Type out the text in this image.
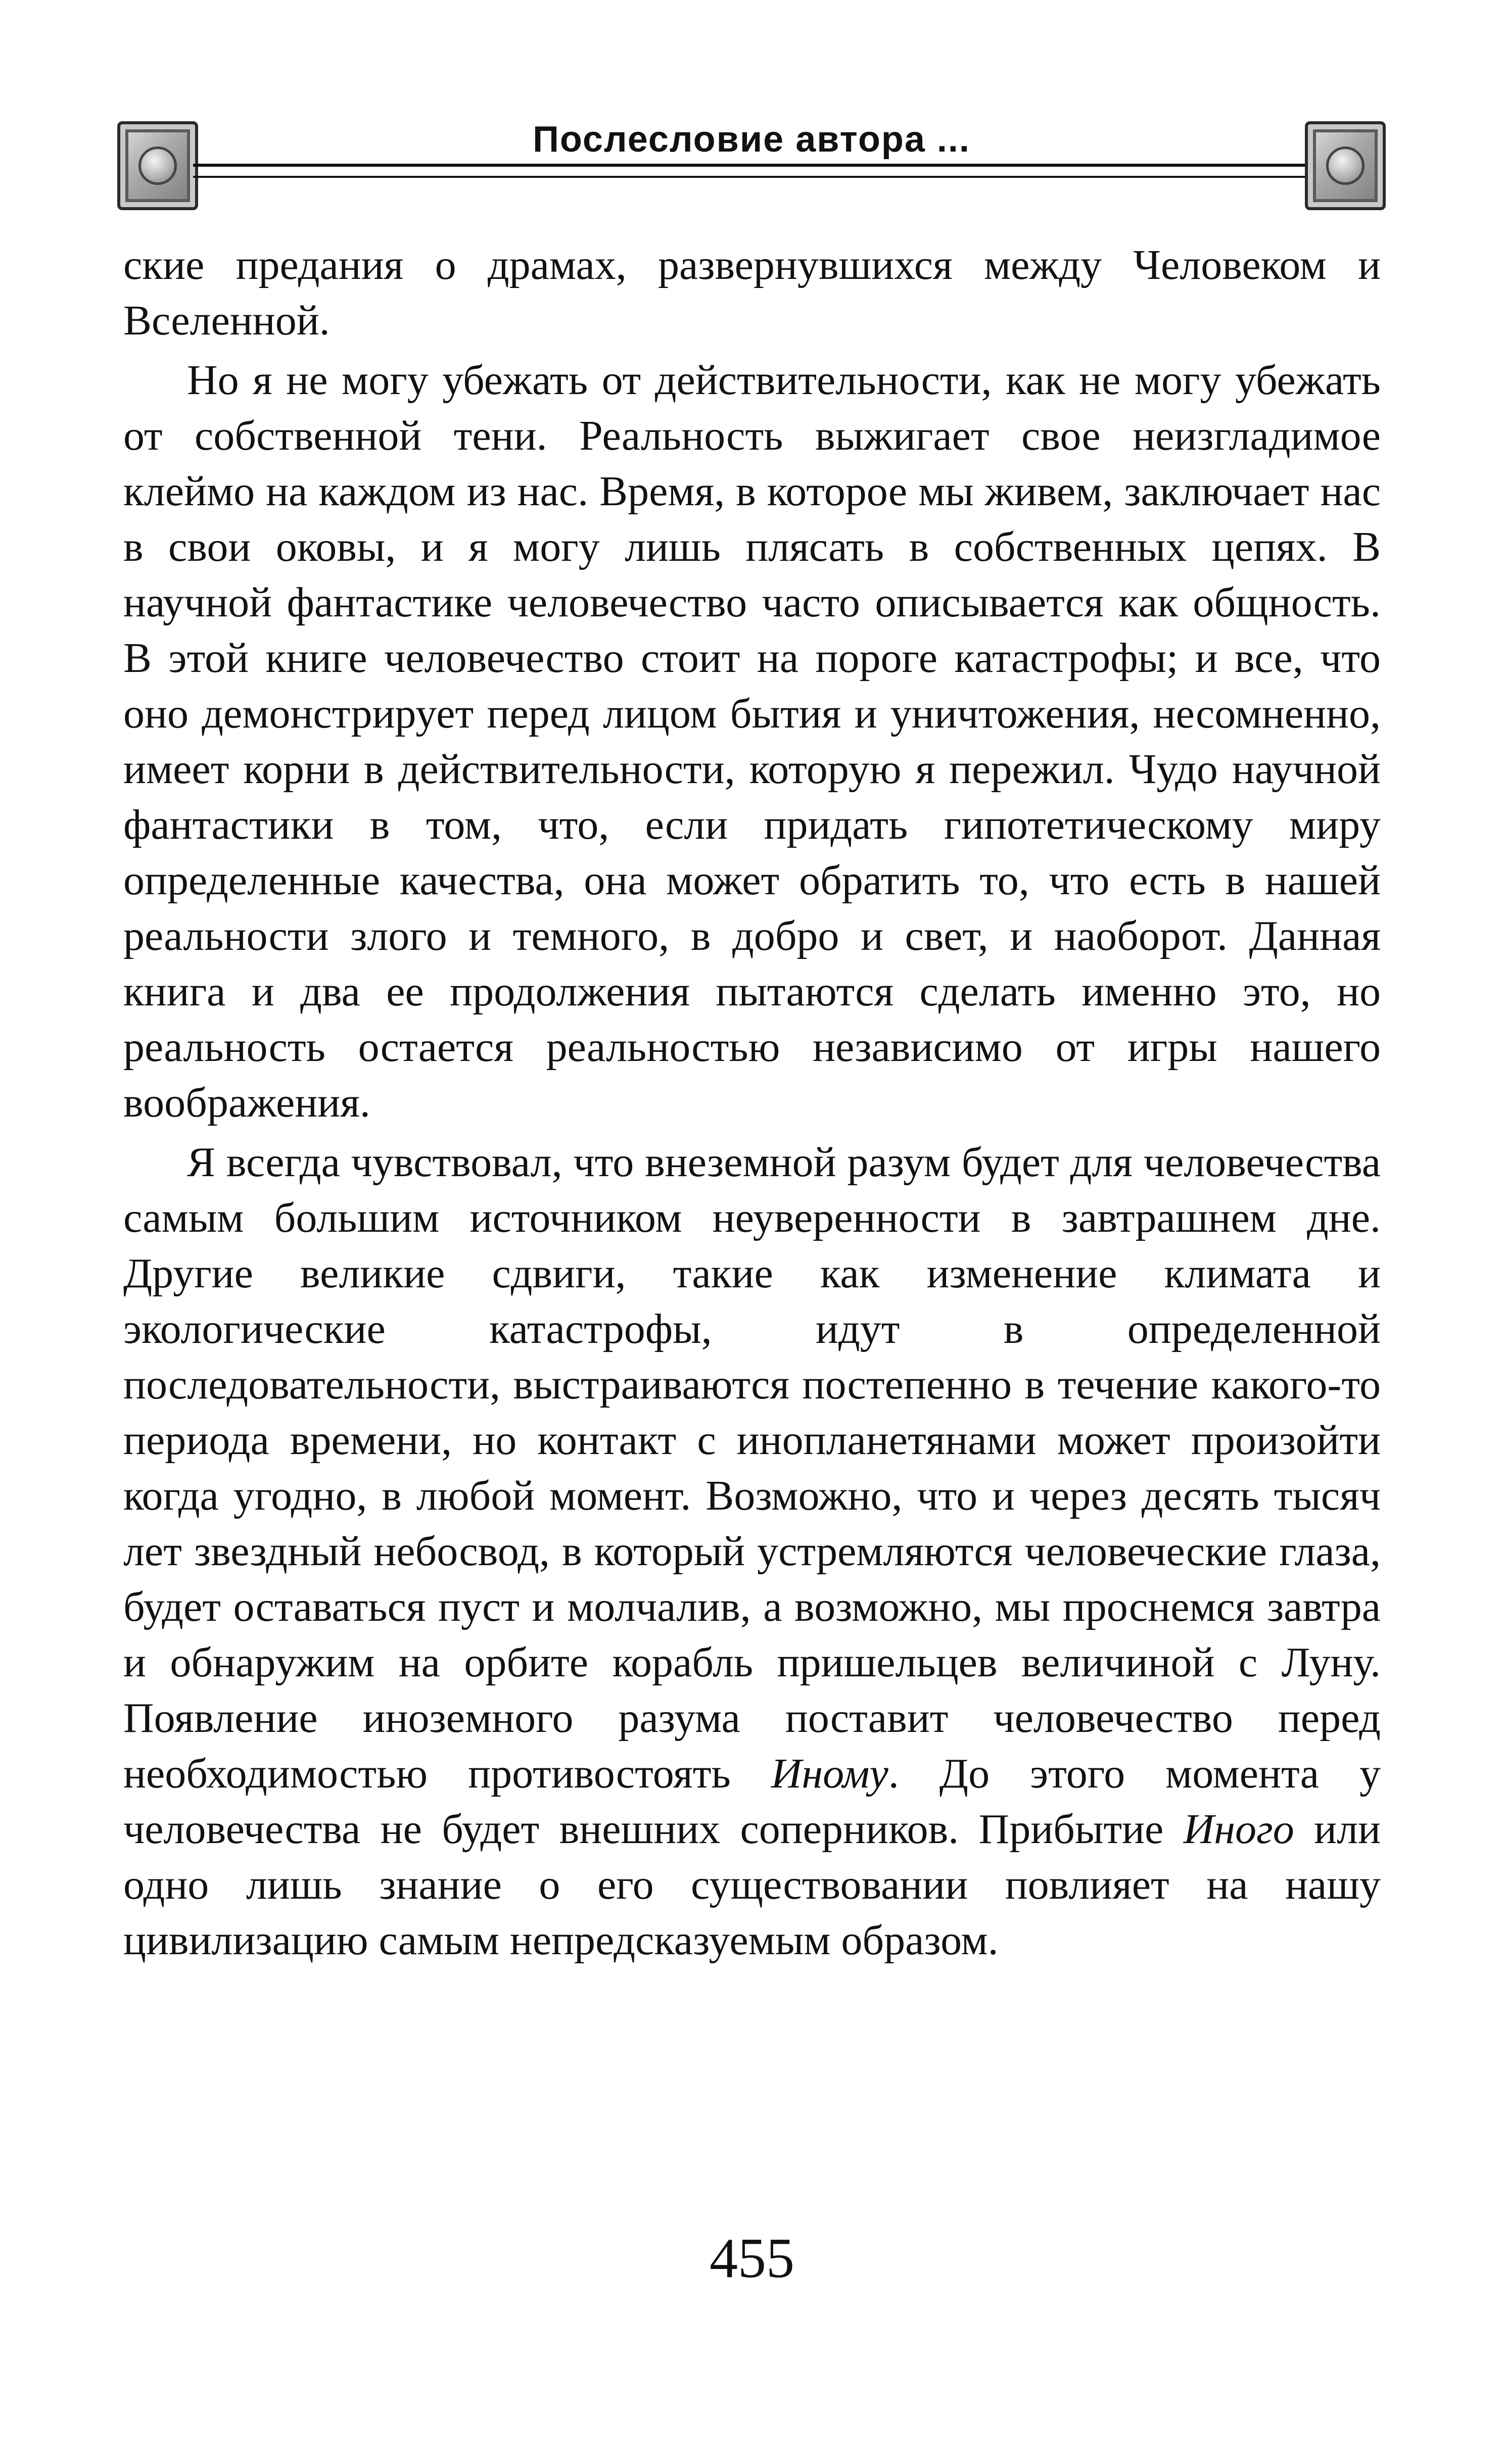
Послесловие автора ...

ские предания о драмах, развернувшихся между Человеком и Вселенной.

Но я не могу убежать от действительности, как не могу убежать от собственной тени. Реальность выжигает свое неизгладимое клеймо на каждом из нас. Время, в которое мы живем, заключает нас в свои оковы, и я могу лишь плясать в собственных цепях. В научной фантастике человечество часто описывается как общность. В этой книге человечество стоит на пороге катастрофы; и все, что оно демонстрирует перед лицом бытия и уничтожения, несомненно, имеет корни в действительности, которую я пережил. Чудо научной фантастики в том, что, если придать гипотетическому миру определенные качества, она может обратить то, что есть в нашей реальности злого и темного, в добро и свет, и наоборот. Данная книга и два ее продолжения пытаются сделать именно это, но реальность остается реальностью независимо от игры нашего воображения.

Я всегда чувствовал, что внеземной разум будет для человечества самым большим источником неуверенности в завтрашнем дне. Другие великие сдвиги, такие как изменение климата и экологические катастрофы, идут в определенной последовательности, выстраиваются постепенно в течение какого-то периода времени, но контакт с инопланетянами может произойти когда угодно, в любой момент. Возможно, что и через десять тысяч лет звездный небосвод, в который устремляются человеческие глаза, будет оставаться пуст и молчалив, а возможно, мы проснемся завтра и обнаружим на орбите корабль пришельцев величиной с Луну. Появление иноземного разума поставит человечество перед необходимостью противостоять Иному. До этого момента у человечества не будет внешних соперников. Прибытие Иного или одно лишь знание о его существовании повлияет на нашу цивилизацию самым непредсказуемым образом.

455
